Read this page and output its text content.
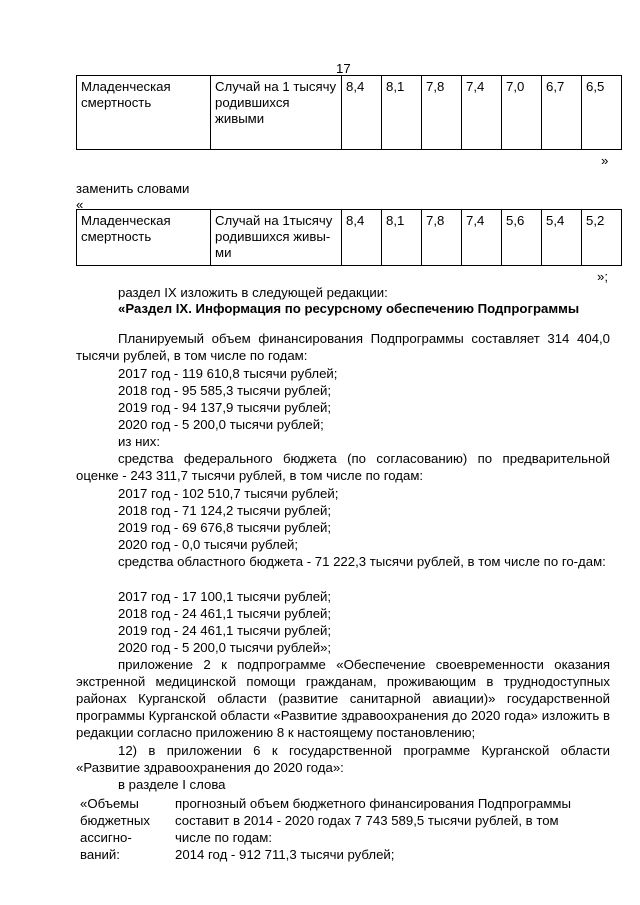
17
Младенческая смертность	Случай на 1 тысячу родившихся живыми	8,4	8,1	7,8	7,4	7,0	6,7	6,5
»
заменить словами
«
Младенческая смертность	Случай на 1тысячу родившихся живы-ми	8,4	8,1	7,8	7,4	5,6	5,4	5,2
»;
раздел IX изложить в следующей редакции:
«Раздел IX. Информация по ресурсному обеспечению Подпрограммы
Планируемый объем финансирования Подпрограммы составляет 314 404,0 тысячи рублей, в том числе по годам:
2017 год - 119 610,8 тысячи рублей;
2018 год - 95 585,3 тысячи рублей;
2019 год - 94 137,9 тысячи рублей;
2020 год - 5 200,0 тысячи рублей;
из них:
средства федерального бюджета (по согласованию) по предварительной оценке - 243 311,7 тысячи рублей, в том числе по годам:
2017 год - 102 510,7 тысячи рублей;
2018 год - 71 124,2 тысячи рублей;
2019 год - 69 676,8 тысячи рублей;
2020 год - 0,0 тысячи рублей;
средства областного бюджета - 71 222,3 тысячи рублей, в том числе по го-дам:
2017 год - 17 100,1 тысячи рублей;
2018 год - 24 461,1 тысячи рублей;
2019 год - 24 461,1 тысячи рублей;
2020 год - 5 200,0 тысячи рублей»;
приложение 2 к подпрограмме «Обеспечение своевременности оказания экстренной медицинской помощи гражданам, проживающим в труднодоступных районах Курганской области (развитие санитарной авиации)» государственной программы Курганской области «Развитие здравоохранения до 2020 года» изложить в редакции согласно приложению 8 к настоящему постановлению;
12) в приложении 6 к государственной программе Курганской области «Развитие здравоохранения до 2020 года»:
в разделе I слова
«Объемы
бюджетных
ассигно-
ваний:
прогнозный объем бюджетного финансирования Подпрограммы
составит в 2014 - 2020 годах 7 743 589,5 тысячи рублей, в том
числе по годам:
2014 год - 912 711,3 тысячи рублей;
